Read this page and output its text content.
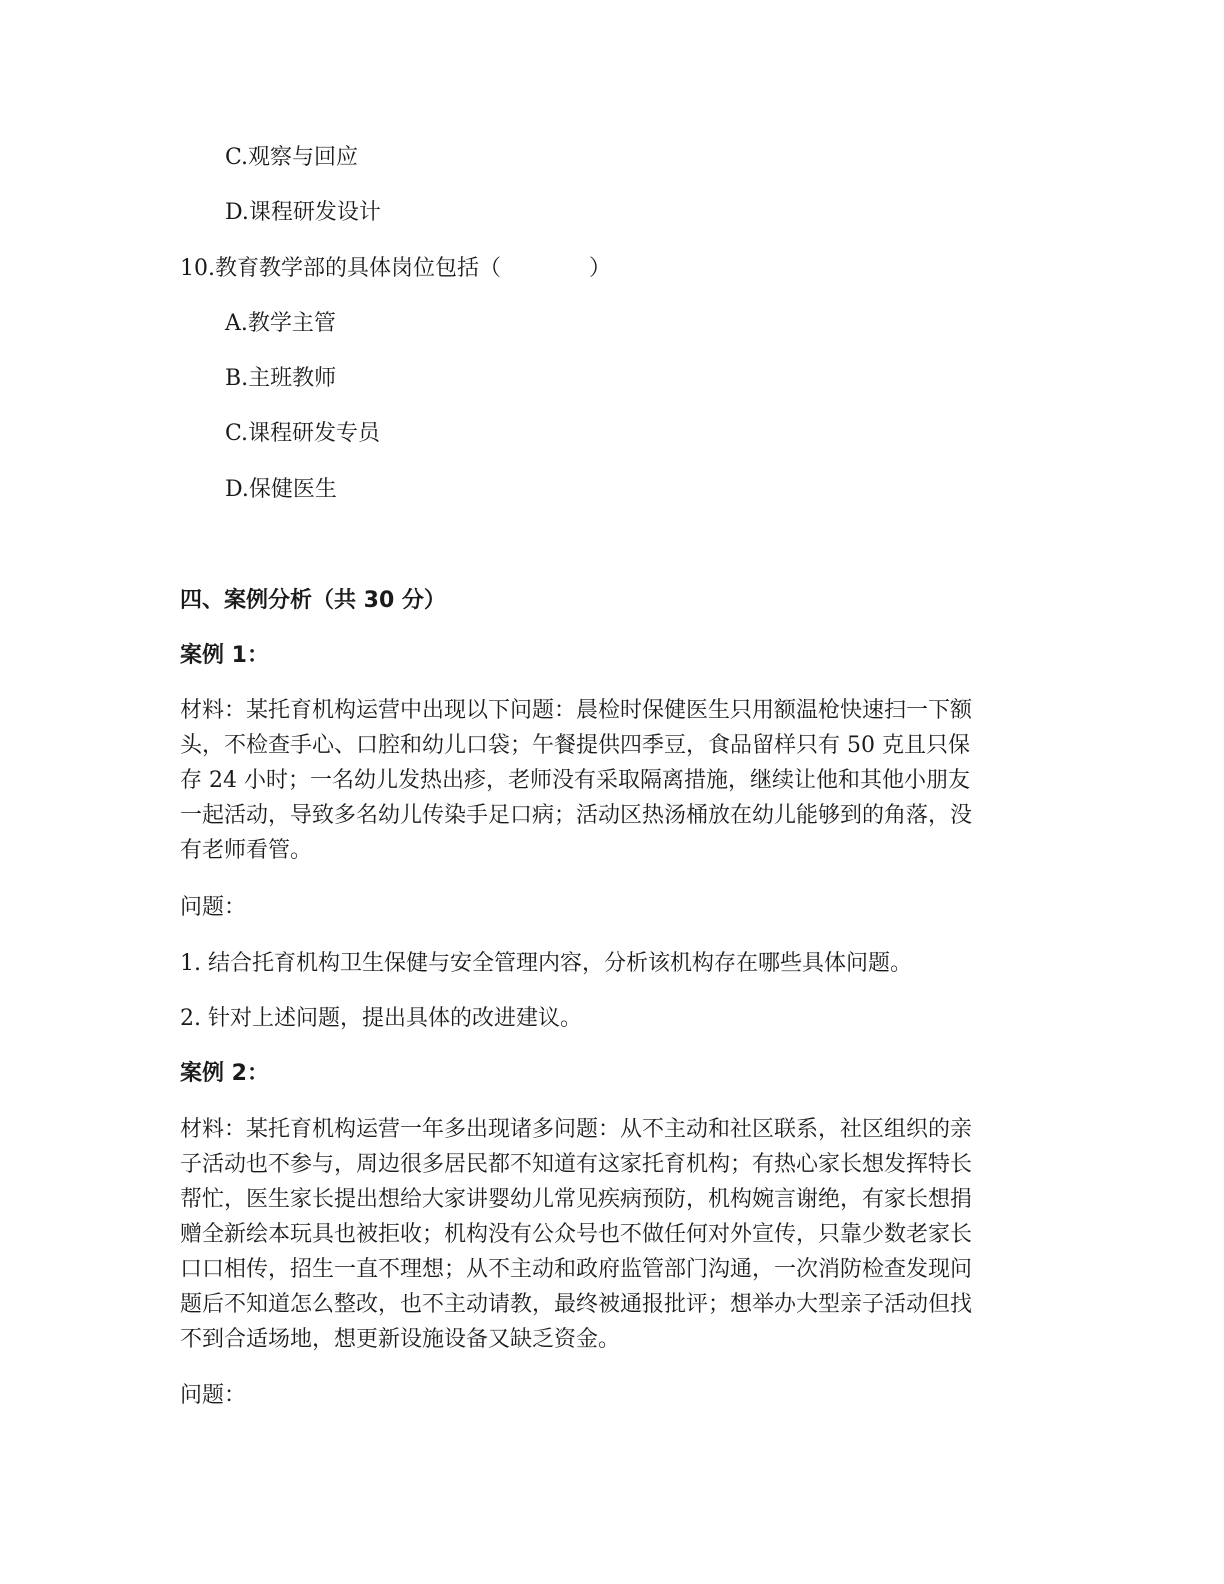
C.观察与回应
D.课程研发设计
10.教育教学部的具体岗位包括（　　　　）
A.教学主管
B.主班教师
C.课程研发专员
D.保健医生
四、案例分析（共 30 分）
案例 1：

材料：某托育机构运营中出现以下问题：晨检时保健医生只用额温枪快速扫一下额

头，不检查手心、口腔和幼儿口袋；午餐提供四季豆，食品留样只有 50 克且只保

存 24 小时；一名幼儿发热出疹，老师没有采取隔离措施，继续让他和其他小朋友

一起活动，导致多名幼儿传染手足口病；活动区热汤桶放在幼儿能够到的角落，没

有老师看管。

问题：
1. 结合托育机构卫生保健与安全管理内容，分析该机构存在哪些具体问题。
2. 针对上述问题，提出具体的改进建议。
案例 2：

材料：某托育机构运营一年多出现诸多问题：从不主动和社区联系，社区组织的亲

子活动也不参与，周边很多居民都不知道有这家托育机构；有热心家长想发挥特长

帮忙，医生家长提出想给大家讲婴幼儿常见疾病预防，机构婉言谢绝，有家长想捐

赠全新绘本玩具也被拒收；机构没有公众号也不做任何对外宣传，只靠少数老家长

口口相传，招生一直不理想；从不主动和政府监管部门沟通，一次消防检查发现问

题后不知道怎么整改，也不主动请教，最终被通报批评；想举办大型亲子活动但找

不到合适场地，想更新设施设备又缺乏资金。

问题：
